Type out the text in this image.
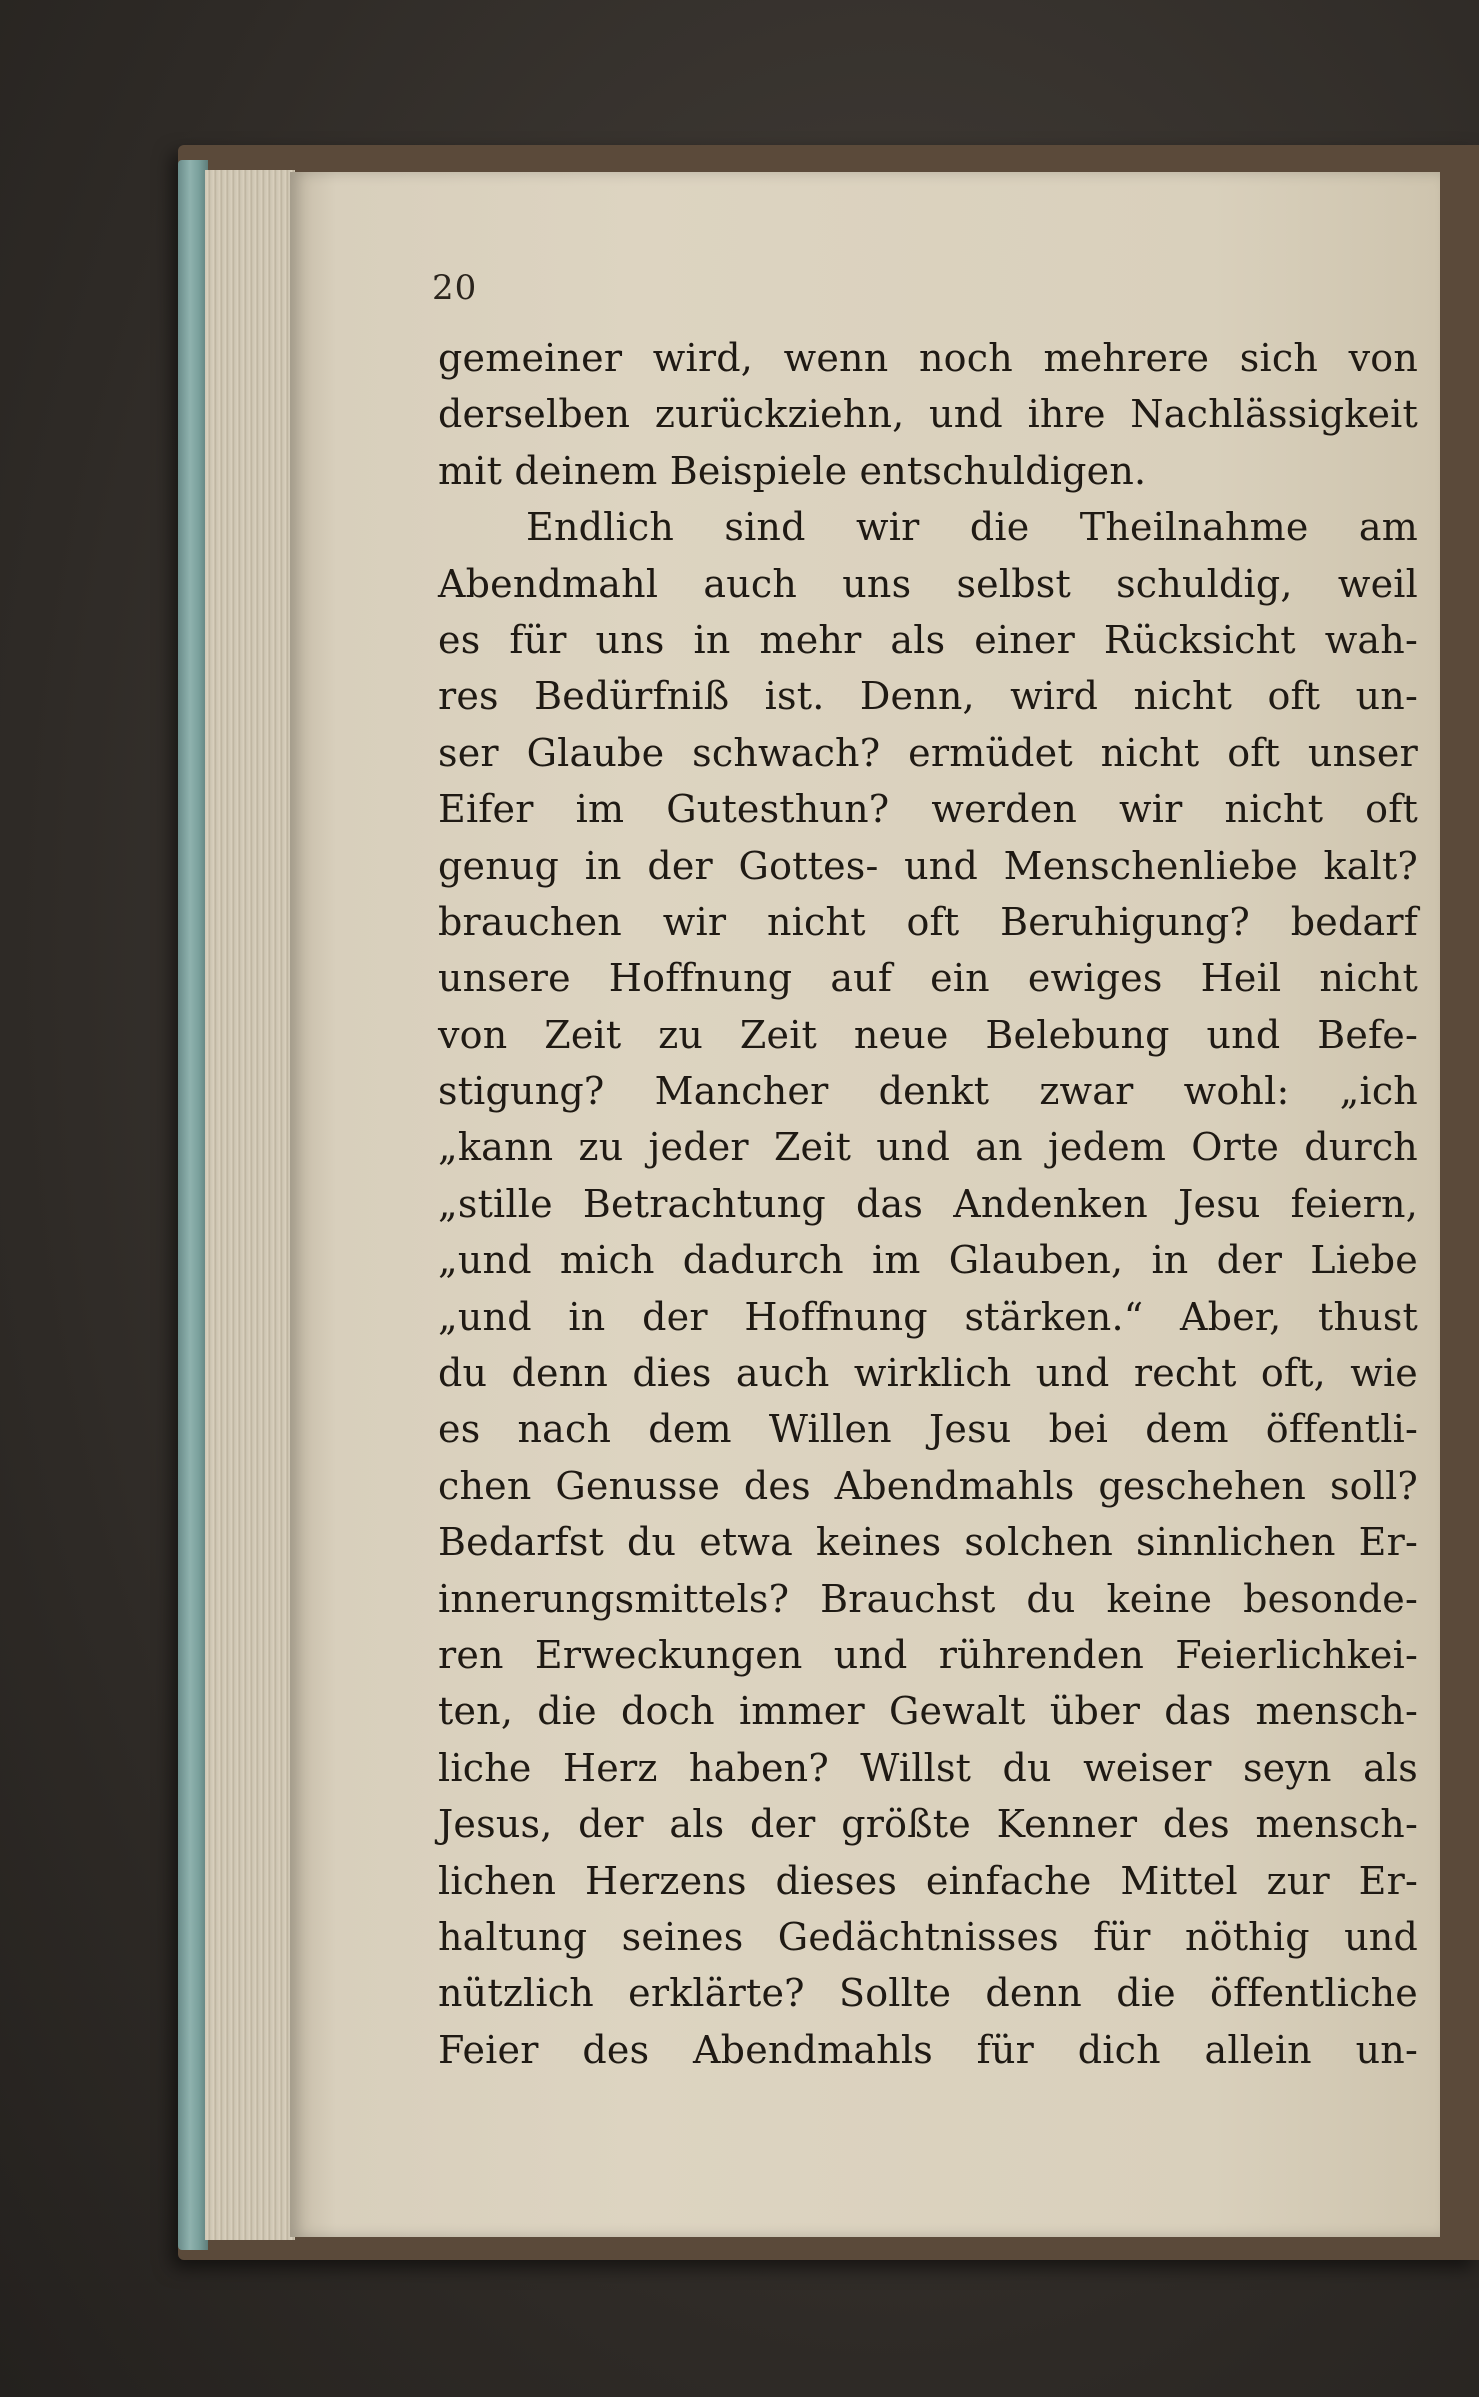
20
gemeiner wird, wenn noch mehrere sich von
derselben zurückziehn, und ihre Nachlässigkeit
mit deinem Beispiele entschuldigen.
Endlich sind wir die Theilnahme am
Abendmahl auch uns selbst schuldig, weil
es für uns in mehr als einer Rücksicht wah-
res Bedürfniß ist. Denn, wird nicht oft un-
ser Glaube schwach? ermüdet nicht oft unser
Eifer im Gutesthun? werden wir nicht oft
genug in der Gottes- und Menschenliebe kalt?
brauchen wir nicht oft Beruhigung? bedarf
unsere Hoffnung auf ein ewiges Heil nicht
von Zeit zu Zeit neue Belebung und Befe-
stigung? Mancher denkt zwar wohl: „ich
„kann zu jeder Zeit und an jedem Orte durch
„stille Betrachtung das Andenken Jesu feiern,
„und mich dadurch im Glauben, in der Liebe
„und in der Hoffnung stärken.“ Aber, thust
du denn dies auch wirklich und recht oft, wie
es nach dem Willen Jesu bei dem öffentli-
chen Genusse des Abendmahls geschehen soll?
Bedarfst du etwa keines solchen sinnlichen Er-
innerungsmittels? Brauchst du keine besonde-
ren Erweckungen und rührenden Feierlichkei-
ten, die doch immer Gewalt über das mensch-
liche Herz haben? Willst du weiser seyn als
Jesus, der als der größte Kenner des mensch-
lichen Herzens dieses einfache Mittel zur Er-
haltung seines Gedächtnisses für nöthig und
nützlich erklärte? Sollte denn die öffentliche
Feier des Abendmahls für dich allein un-
